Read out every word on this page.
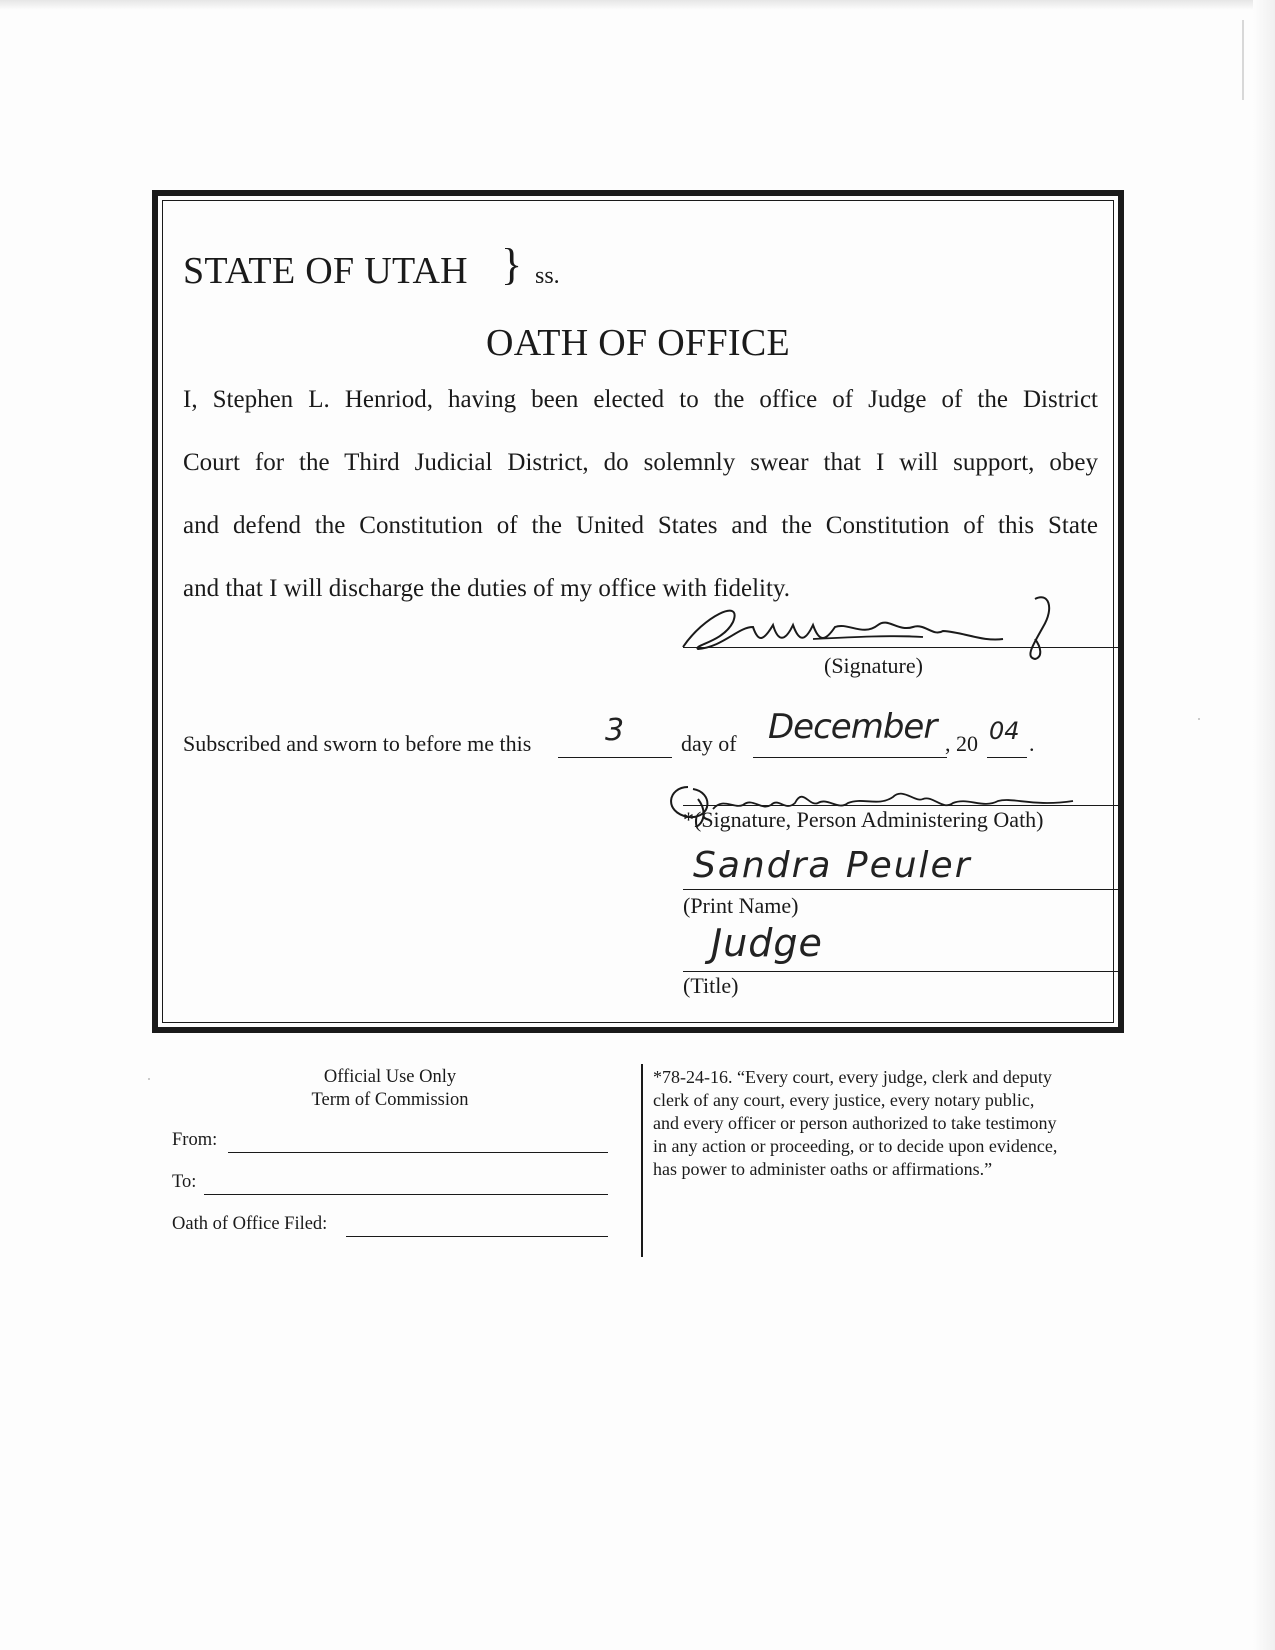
STATE OF UTAH } ss.
OATH OF OFFICE
I, Stephen L. Henriod, having been elected to the office of Judge of the District
Court for the Third Judicial District, do solemnly swear that I will support, obey
and defend the Constitution of the United States and the Constitution of this State
and that I will discharge the duties of my office with fidelity.
(Signature)
Subscribed and sworn to before me this 3	day of December , 20 04 .
*(Signature, Person Administering Oath)
Sandra Peuler
(Print Name)
Judge
(Title)
Official Use Only
Term of Commission
From:
To:
Oath of Office Filed:
*78-24-16. “Every court, every judge, clerk and deputy
clerk of any court, every justice, every notary public,
and every officer or person authorized to take testimony
in any action or proceeding, or to decide upon evidence,
has power to administer oaths or affirmations.”
